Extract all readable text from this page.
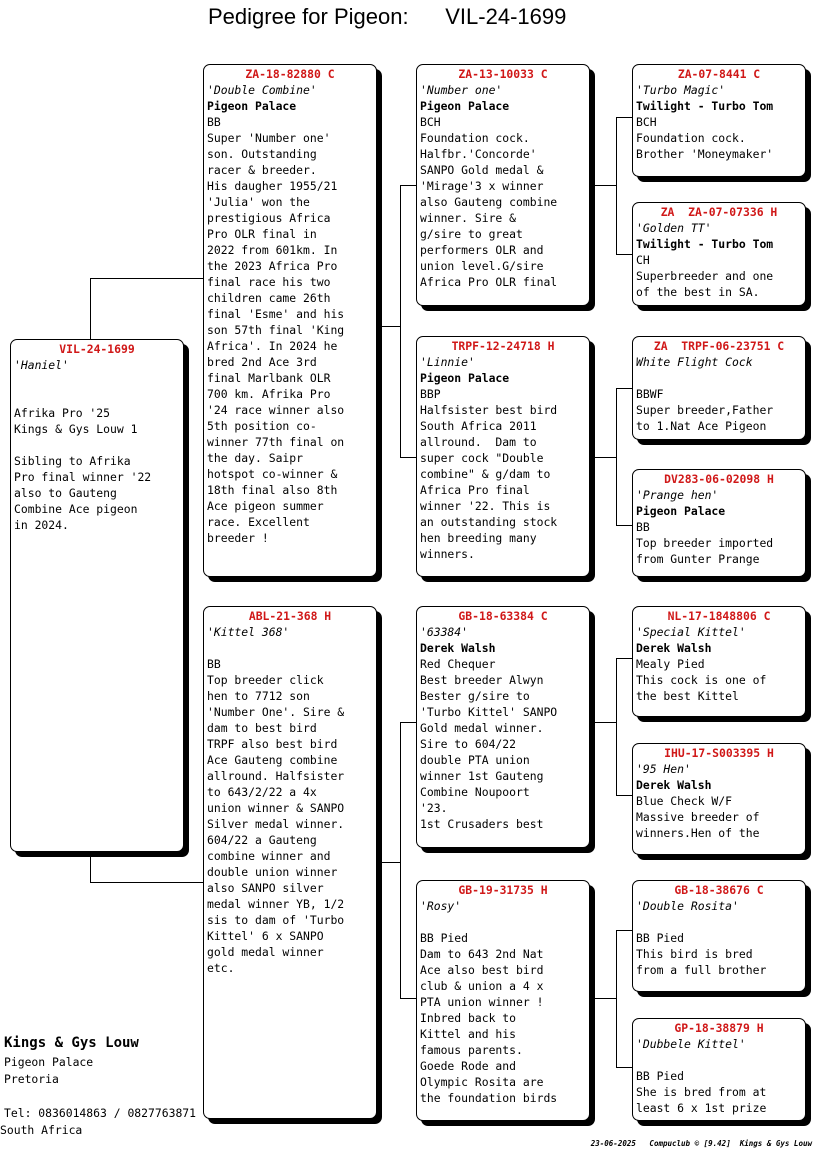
Pedigree for Pigeon:      VIL-24-1699
VIL-24-1699
'Haniel'

Afrika Pro '25
Kings & Gys Louw 1

Sibling to Afrika
Pro final winner '22
also to Gauteng
Combine Ace pigeon
in 2024.
ZA-18-82880 C
'Double Combine'
Pigeon Palace
BB
Super 'Number one'
son. Outstanding
racer & breeder.
His daugher 1955/21
'Julia' won the
prestigious Africa
Pro OLR final in
2022 from 601km. In
the 2023 Africa Pro
final race his two
children came 26th
final 'Esme' and his
son 57th final 'King
Africa'. In 2024 he
bred 2nd Ace 3rd
final Marlbank OLR
700 km. Afrika Pro
'24 race winner also
5th position co-
winner 77th final on
the day. Saipr
hotspot co-winner &
18th final also 8th
Ace pigeon summer
race. Excellent
breeder !
ABL-21-368 H
'Kittel 368'

BB
Top breeder click
hen to 7712 son
'Number One'. Sire &
dam to best bird
TRPF also best bird
Ace Gauteng combine
allround. Halfsister
to 643/2/22 a 4x
union winner & SANPO
Silver medal winner.
604/22 a Gauteng
combine winner and
double union winner
also SANPO silver
medal winner YB, 1/2
sis to dam of 'Turbo
Kittel' 6 x SANPO
gold medal winner
etc.
ZA-13-10033 C
'Number one'
Pigeon Palace
BCH
Foundation cock.
Halfbr.'Concorde'
SANPO Gold medal &
'Mirage'3 x winner
also Gauteng combine
winner. Sire &
g/sire to great
performers OLR and
union level.G/sire
Africa Pro OLR final
TRPF-12-24718 H
'Linnie'
Pigeon Palace
BBP
Halfsister best bird
South Africa 2011
allround.  Dam to
super cock "Double
combine" & g/dam to
Africa Pro final
winner '22. This is
an outstanding stock
hen breeding many
winners.
GB-18-63384 C
'63384'
Derek Walsh
Red Chequer
Best breeder Alwyn
Bester g/sire to
'Turbo Kittel' SANPO
Gold medal winner.
Sire to 604/22
double PTA union
winner 1st Gauteng
Combine Noupoort
'23.
1st Crusaders best
GB-19-31735 H
'Rosy'

BB Pied
Dam to 643 2nd Nat
Ace also best bird
club & union a 4 x
PTA union winner !
Inbred back to
Kittel and his
famous parents.
Goede Rode and
Olympic Rosita are
the foundation birds
ZA-07-8441 C
'Turbo Magic'
Twilight - Turbo Tom
BCH
Foundation cock.
Brother 'Moneymaker'
ZA  ZA-07-07336 H
'Golden TT'
Twilight - Turbo Tom
CH
Superbreeder and one
of the best in SA.
ZA  TRPF-06-23751 C
White Flight Cock

BBWF
Super breeder,Father
to 1.Nat Ace Pigeon
DV283-06-02098 H
'Prange hen'
Pigeon Palace
BB
Top breeder imported
from Gunter Prange
NL-17-1848806 C
'Special Kittel'
Derek Walsh
Mealy Pied
This cock is one of
the best Kittel
IHU-17-S003395 H
'95 Hen'
Derek Walsh
Blue Check W/F
Massive breeder of
winners.Hen of the
GB-18-38676 C
'Double Rosita'

BB Pied
This bird is bred
from a full brother
GP-18-38879 H
'Dubbele Kittel'

BB Pied
She is bred from at
least 6 x 1st prize
Kings & Gys Louw
Pigeon Palace
Pretoria

Tel: 0836014863 / 0827763871
South Africa
23-06-2025   Compuclub © [9.42]  Kings & Gys Louw
